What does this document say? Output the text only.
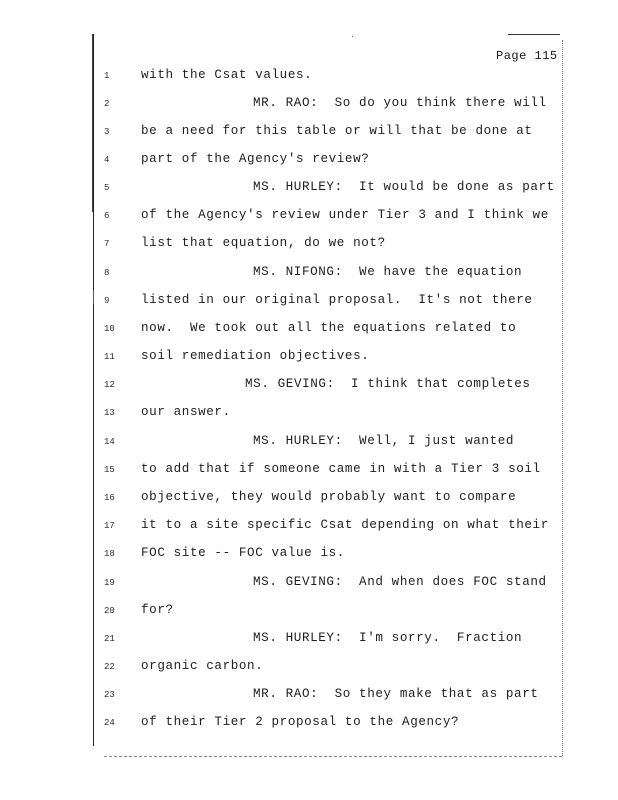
Page 115
1	with the Csat values.
2	MR. RAO:  So do you think there will
3	be a need for this table or will that be done at
4	part of the Agency's review?
5	MS. HURLEY:  It would be done as part
6	of the Agency's review under Tier 3 and I think we
7	list that equation, do we not?
8	MS. NIFONG:  We have the equation
9	listed in our original proposal.  It's not there
10	now.  We took out all the equations related to
11	soil remediation objectives.
12	MS. GEVING:  I think that completes
13	our answer.
14	MS. HURLEY:  Well, I just wanted
15	to add that if someone came in with a Tier 3 soil
16	objective, they would probably want to compare
17	it to a site specific Csat depending on what their
18	FOC site -- FOC value is.
19	MS. GEVING:  And when does FOC stand
20	for?
21	MS. HURLEY:  I'm sorry.  Fraction
22	organic carbon.
23	MR. RAO:  So they make that as part
24	of their Tier 2 proposal to the Agency?
